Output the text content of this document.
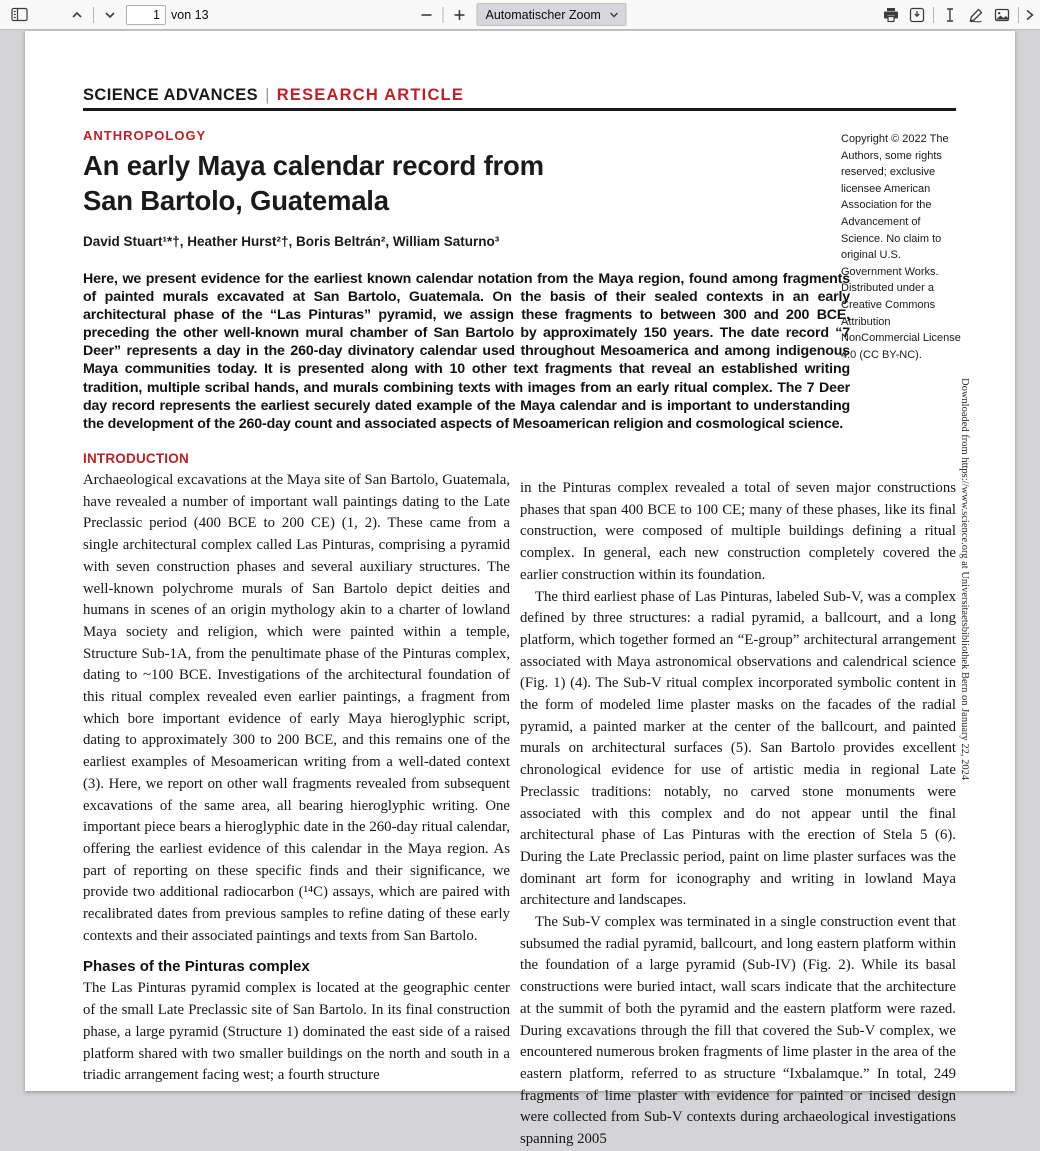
1
von 13	Automatischer Zoom
SCIENCE ADVANCES | RESEARCH ARTICLE
ANTHROPOLOGY
An early Maya calendar record from
San Bartolo, Guatemala
David Stuart¹*†, Heather Hurst²†, Boris Beltrán², William Saturno³

Here, we present evidence for the earliest known calendar notation from the Maya region, found among fragments of painted murals excavated at San Bartolo, Guatemala. On the basis of their sealed contexts in an early architectural phase of the “Las Pinturas” pyramid, we assign these fragments to between 300 and 200 BCE, preceding the other well-known mural chamber of San Bartolo by approximately 150 years. The date record “7 Deer” represents a day in the 260-day divinatory calendar used throughout Mesoamerica and among indigenous Maya communities today. It is presented along with 10 other text fragments that reveal an established writing tradition, multiple scribal hands, and murals combining texts with images from an early ritual complex. The 7 Deer day record represents the earliest securely dated example of the Maya calendar and is important to understanding the development of the 260-day count and associated aspects of Mesoamerican religion and cosmological science.

Copyright © 2022 The Authors, some rights reserved; exclusive licensee American Association for the Advancement of Science. No claim to original U.S. Government Works. Distributed under a Creative Commons Attribution NonCommercial License 4.0 (CC BY-NC).
Downloaded from https://www.science.org at Universitaetsbibliothek Bern on January 22, 2024
INTRODUCTION

Archaeological excavations at the Maya site of San Bartolo, Guatemala, have revealed a number of important wall paintings dating to the Late Preclassic period (400 BCE to 200 CE) (1, 2). These came from a single architectural complex called Las Pinturas, comprising a pyramid with seven construction phases and several auxiliary structures. The well-known polychrome murals of San Bartolo depict deities and humans in scenes of an origin mythology akin to a charter of lowland Maya society and religion, which were painted within a temple, Structure Sub-1A, from the penultimate phase of the Pinturas complex, dating to ~100 BCE. Investigations of the architectural foundation of this ritual complex revealed even earlier paintings, a fragment from which bore important evidence of early Maya hieroglyphic script, dating to approximately 300 to 200 BCE, and this remains one of the earliest examples of Mesoamerican writing from a well-dated context (3). Here, we report on other wall fragments revealed from subsequent excavations of the same area, all bearing hieroglyphic writing. One important piece bears a hieroglyphic date in the 260-day ritual calendar, offering the earliest evidence of this calendar in the Maya region. As part of reporting on these specific finds and their significance, we provide two additional radiocarbon (¹⁴C) assays, which are paired with recalibrated dates from previous samples to refine dating of these early contexts and their associated paintings and texts from San Bartolo.

Phases of the Pinturas complex

The Las Pinturas pyramid complex is located at the geographic center of the small Late Preclassic site of San Bartolo. In its final construction phase, a large pyramid (Structure 1) dominated the east side of a raised platform shared with two smaller buildings on the north and south in a triadic arrangement facing west; a fourth structure

in the Pinturas complex revealed a total of seven major constructions phases that span 400 BCE to 100 CE; many of these phases, like its final construction, were composed of multiple buildings defining a ritual complex. In general, each new construction completely covered the earlier construction within its foundation.

The third earliest phase of Las Pinturas, labeled Sub-V, was a complex defined by three structures: a radial pyramid, a ballcourt, and a long platform, which together formed an “E-group” architectural arrangement associated with Maya astronomical observations and calendrical science (Fig. 1) (4). The Sub-V ritual complex incorporated symbolic content in the form of modeled lime plaster masks on the facades of the radial pyramid, a painted marker at the center of the ballcourt, and painted murals on architectural surfaces (5). San Bartolo provides excellent chronological evidence for use of artistic media in regional Late Preclassic traditions: notably, no carved stone monuments were associated with this complex and do not appear until the final architectural phase of Las Pinturas with the erection of Stela 5 (6). During the Late Preclassic period, paint on lime plaster surfaces was the dominant art form for iconography and writing in lowland Maya architecture and landscapes.

The Sub-V complex was terminated in a single construction event that subsumed the radial pyramid, ballcourt, and long eastern platform within the foundation of a large pyramid (Sub-IV) (Fig. 2). While its basal constructions were buried intact, wall scars indicate that the architecture at the summit of both the pyramid and the eastern platform were razed. During excavations through the fill that covered the Sub-V complex, we encountered numerous broken fragments of lime plaster in the area of the eastern platform, referred to as structure “Ixbalamque.” In total, 249 fragments of lime plaster with evidence for painted or incised design were collected from Sub-V contexts during archaeological investigations spanning 2005
